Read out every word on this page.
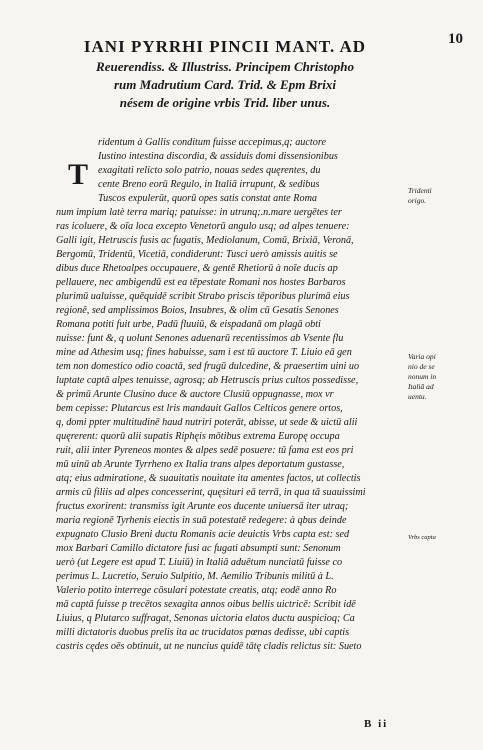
10
IANI PYRRHI PINCII MANT. AD
Reuerendiss. & Illustriss. Principem Christopho
rum Madrutium Card. Trid. & Epm Brixi
nésem de origine vrbis Trid. liber unus.
T
ridentum à Gallis conditum fuisse accepimus,q; auctore
Iustino intestina discordia, & assiduis domi dissensionibus
exagitati relicto solo patrio, nouas sedes quęrentes, du
cente Breno eorū Regulo, in Italiā irrupunt, & sedibus
Tuscos expulerūt, quorū opes satis constat ante Roma
num impium latè terra mariq; patuisse: in utrunq;.n.mare uergētes ter
ras icoluere, & oīa loca excepto Venetorū angulo usq; ad alpes tenuere:
Galli igit, Hetruscis fusis ac fugatis, Mediolanum, Comū, Brixiā, Veronā,
Bergomū, Tridentū, Vicetiā, condiderunt: Tusci uerò amissis auitis se
dibus duce Rhetoalpes occupauere, & gentē Rhetiorū à noīe ducis ap
pellauere, nec ambigendū est ea tēpestate Romani nos hostes Barbaros
plurimū ualuisse, quēquidē scribit Strabo priscis tēporibus plurimā eius
regionē, sed amplissimos Boios, Insubres, & olim cū Gesatis Senones
Romana potiti fuit urbe, Padū fluuiū, & eispadanā om plagā obti
nuisse: funt &, q uolunt Senones aduenarū recentissimos ab Vsente flu
mine ad Athesim usq; fines habuisse, sam i est tū auctore T. Liuio eā gen
tem non domestico odio coactā, sed frugū dulcedine, & praesertim uini uo
luptate captā alpes tenuisse, agrosq; ab Hetruscis prius cultos possedisse,
& primū Arunte Clusino duce & auctore Clusiū oppugnasse, mox vr
bem cepisse: Plutarcus est lris mandauit Gallos Celticos genere ortos,
q, domi ppter multitudinē haud nutriri poterāt, abisse, ut sede & uictū alii
quęrerent: quorū alii supatis Riphęis mōtibus extrema Europę occupa
ruit, alii inter Pyreneos montes & alpes sedē posuere: tū fama est eos pri
mū uinū ab Arunte Tyrrheno ex Italia trans alpes deportatum gustasse,
atq; eius admiratione, & suauitatis nouitate ita amentes factos, ut collectis
armis cū filiis ad alpes concesserint, quęsituri eā terrā, in qua tā suauissimi
fructus exorirent: transmiss igit Arunte eos ducente uniuersā iter utraq;
maria regionē Tyrhenis eiectis in suā potestatē redegere: à qbus deinde
expugnato Clusio Breni ductu Romanis acie deuictis Vrbs capta est: sed
mox Barbari Camillo dictatore fusi ac fugati absumpti sunt: Senonum
uerò (ut Legere est apud T. Liuiū) in Italiā aduētum nunciatū fuisse co
perimus L. Lucretio, Seruio Sulpitio, M. Aemilio Tribunis militū à L.
Valerio potito interrege cōsulari potestate creatis, atq; eodē anno Ro
mā captā fuisse p trecētos sexagita annos oibus bellis uictricē: Scribit idē
Liuius, q Plutarco suffragat, Senonas uictoria elatos ductu auspicioq; Ca
milli dictatoris duobus prelis ita ac trucidatos pœnas dedisse, ubi captis
castris cędes oēs obtinuit, ut ne nuncius quidē tātę cladis relictus sit: Sueto
Tridenti
origo.
Varia opi
nio de se
nonum in
Italiā ad
uentu.
Vrbs capta
B ii
